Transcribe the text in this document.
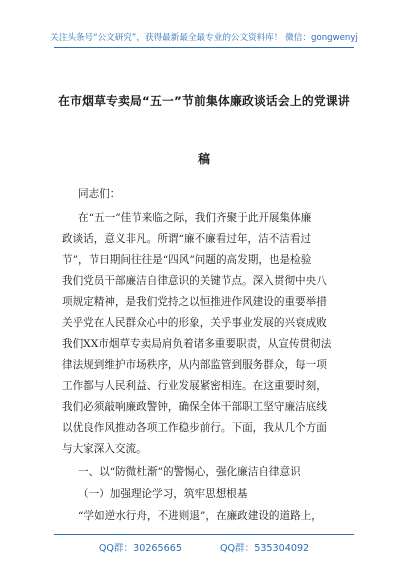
关注头条号“公文研究”，获得最新最全最专业的公文资料库！ 微信：gongwenyj
在市烟草专卖局“五一”节前集体廉政谈话会上的党课讲
稿
同志们：
在“五一”佳节来临之际，我们齐聚于此开展集体廉
政谈话，意义非凡。所谓“廉不廉看过年，洁不洁看过
节”，节日期间往往是“四风”问题的高发期，也是检验
我们党员干部廉洁自律意识的关键节点。深入贯彻中央八
项规定精神，是我们党持之以恒推进作风建设的重要举措
关乎党在人民群众心中的形象，关乎事业发展的兴衰成败
我们XX市烟草专卖局肩负着诸多重要职责，从宣传贯彻法
律法规到维护市场秩序，从内部监管到服务群众，每一项
工作都与人民利益、行业发展紧密相连。在这重要时刻，
我们必须敲响廉政警钟，确保全体干部职工坚守廉洁底线
以优良作风推动各项工作稳步前行。下面，我从几个方面
与大家深入交流。
一、以“防微杜渐”的警惕心，强化廉洁自律意识
（一）加强理论学习，筑牢思想根基
“学如逆水行舟，不进则退”，在廉政建设的道路上，
QQ群：30265665	QQ群：535304092
